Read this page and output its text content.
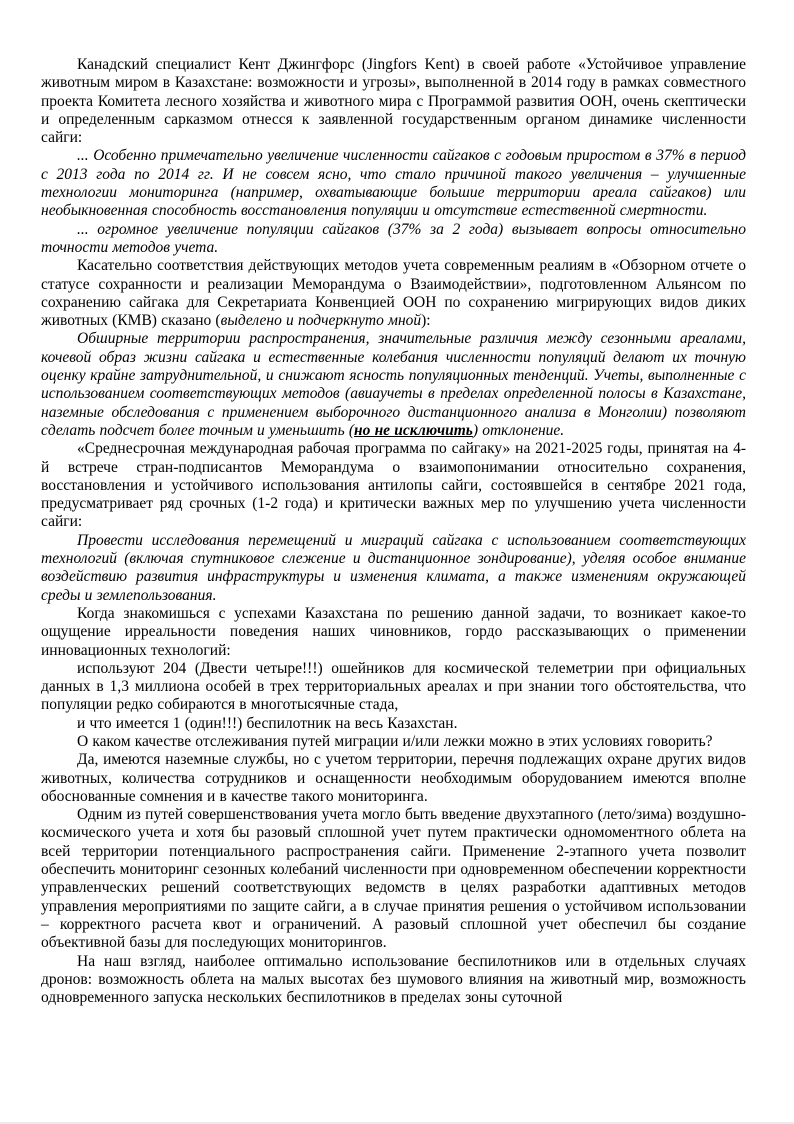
Канадский специалист Кент Джингфорс (Jingfors Kent) в своей работе «Устойчивое управление животным миром в Казахстане: возможности и угрозы», выполненной в 2014 году в рамках совместного проекта Комитета лесного хозяйства и животного мира с Программой развития ООН, очень скептически и определенным сарказмом отнесся к заявленной государственным органом динамике численности сайги:

... Особенно примечательно увеличение численности сайгаков с годовым приростом в 37% в период с 2013 года по 2014 гг. И не совсем ясно, что стало причиной такого увеличения – улучшенные технологии мониторинга (например, охватывающие большие территории ареала сайгаков) или необыкновенная способность восстановления популяции и отсутствие естественной смертности.

... огромное увеличение популяции сайгаков (37% за 2 года) вызывает вопросы относительно точности методов учета.

Касательно соответствия действующих методов учета современным реалиям в «Обзорном отчете о статусе сохранности и реализации Меморандума о Взаимодействии», подготовленном Альянсом по сохранению сайгака для Секретариата Конвенцией ООН по сохранению мигрирующих видов диких животных (КМВ) сказано (выделено и подчеркнуто мной):

Обширные территории распространения, значительные различия между сезонными ареалами, кочевой образ жизни сайгака и естественные колебания численности популяций делают их точную оценку крайне затруднительной, и снижают ясность популяционных тенденций. Учеты, выполненные с использованием соответствующих методов (авиаучеты в пределах определенной полосы в Казахстане, наземные обследования с применением выборочного дистанционного анализа в Монголии) позволяют сделать подсчет более точным и уменьшить (но не исключить) отклонение.

«Среднесрочная международная рабочая программа по сайгаку» на 2021-2025 годы, принятая на 4-й встрече стран-подписантов Меморандума о взаимопонимании относительно сохранения, восстановления и устойчивого использования антилопы сайги, состоявшейся в сентябре 2021 года, предусматривает ряд срочных (1-2 года) и критически важных мер по улучшению учета численности сайги:

Провести исследования перемещений и миграций сайгака с использованием соответствующих технологий (включая спутниковое слежение и дистанционное зондирование), уделяя особое внимание воздействию развития инфраструктуры и изменения климата, а также изменениям окружающей среды и землепользования.

Когда знакомишься с успехами Казахстана по решению данной задачи, то возникает какое-то ощущение ирреальности поведения наших чиновников, гордо рассказывающих о применении инновационных технологий:

используют 204 (Двести четыре!!!) ошейников для космической телеметрии при официальных данных в 1,3 миллиона особей в трех территориальных ареалах и при знании того обстоятельства, что популяции редко собираются в многотысячные стада,

и что имеется 1 (один!!!) беспилотник на весь Казахстан.

О каком качестве отслеживания путей миграции и/или лежки можно в этих условиях говорить?

Да, имеются наземные службы, но с учетом территории, перечня подлежащих охране других видов животных, количества сотрудников и оснащенности необходимым оборудованием имеются вполне обоснованные сомнения и в качестве такого мониторинга.

Одним из путей совершенствования учета могло быть введение двухэтапного (лето/зима) воздушно-космического учета и хотя бы разовый сплошной учет путем практически одномоментного облета на всей территории потенциального распространения сайги. Применение 2-этапного учета позволит обеспечить мониторинг сезонных колебаний численности при одновременном обеспечении корректности управленческих решений соответствующих ведомств в целях разработки адаптивных методов управления мероприятиями по защите сайги, а в случае принятия решения о устойчивом использовании – корректного расчета квот и ограничений. А разовый сплошной учет обеспечил бы создание объективной базы для последующих мониторингов.

На наш взгляд, наиболее оптимально использование беспилотников или в отдельных случаях дронов: возможность облета на малых высотах без шумового влияния на животный мир, возможность одновременного запуска нескольких беспилотников в пределах зоны суточной
